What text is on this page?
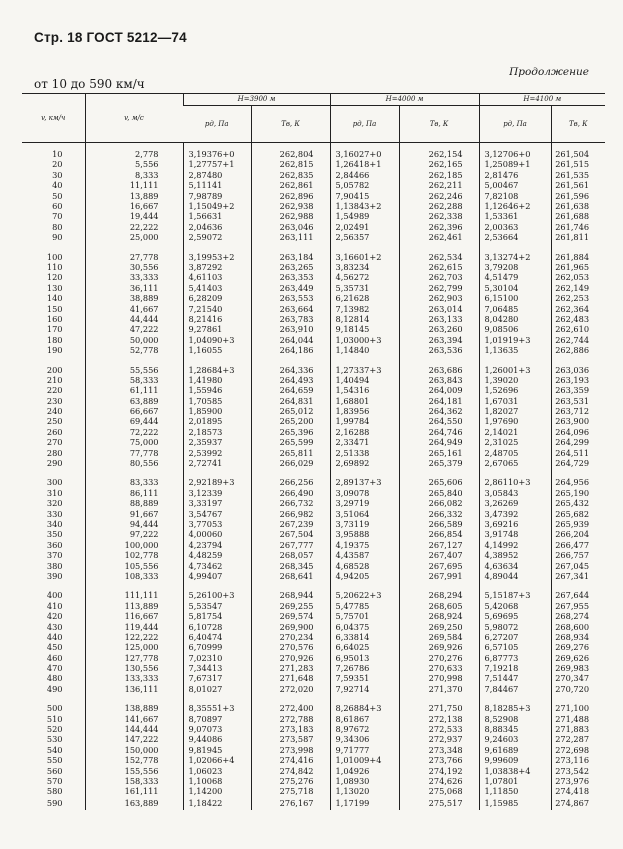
Стр. 18 ГОСТ 5212—74
Продолжение
от 10 до 590 км/ч
v, км/ч	v, м/с	H=3900 м		H=4000 м		H=4100 м	
		pд, Па	Tв, К	pд, Па	Tв, К	pд, Па	Tв, К
10	2,778	3,19376+0	262,804	3,16027+0	262,154	3,12706+0	261,504
20	5,556	1,27757+1	262,815	1,26418+1	262,165	1,25089+1	261,515
30	8,333	2,87480	262,835	2,84466	262,185	2,81476	261,535
40	11,111	5,11141	262,861	5,05782	262,211	5,00467	261,561
50	13,889	7,98789	262,896	7,90415	262,246	7,82108	261,596
60	16,667	1,15049+2	262,938	1,13843+2	262,288	1,12646+2	261,638
70	19,444	1,56631	262,988	1,54989	262,338	1,53361	261,688
80	22,222	2,04636	263,046	2,02491	262,396	2,00363	261,746
90	25,000	2,59072	263,111	2,56357	262,461	2,53664	261,811

100	27,778	3,19953+2	263,184	3,16601+2	262,534	3,13274+2	261,884
110	30,556	3,87292	263,265	3,83234	262,615	3,79208	261,965
120	33,333	4,61103	263,353	4,56272	262,703	4,51479	262,053
130	36,111	5,41403	263,449	5,35731	262,799	5,30104	262,149
140	38,889	6,28209	263,553	6,21628	262,903	6,15100	262,253
150	41,667	7,21540	263,664	7,13982	263,014	7,06485	262,364
160	44,444	8,21416	263,783	8,12814	263,133	8,04280	262,483
170	47,222	9,27861	263,910	9,18145	263,260	9,08506	262,610
180	50,000	1,04090+3	264,044	1,03000+3	263,394	1,01919+3	262,744
190	52,778	1,16055	264,186	1,14840	263,536	1,13635	262,886

200	55,556	1,28684+3	264,336	1,27337+3	263,686	1,26001+3	263,036
210	58,333	1,41980	264,493	1,40494	263,843	1,39020	263,193
220	61,111	1,55946	264,659	1,54316	264,009	1,52696	263,359
230	63,889	1,70585	264,831	1,68801	264,181	1,67031	263,531
240	66,667	1,85900	265,012	1,83956	264,362	1,82027	263,712
250	69,444	2,01895	265,200	1,99784	264,550	1,97690	263,900
260	72,222	2,18573	265,396	2,16288	264,746	2,14021	264,096
270	75,000	2,35937	265,599	2,33471	264,949	2,31025	264,299
280	77,778	2,53992	265,811	2,51338	265,161	2,48705	264,511
290	80,556	2,72741	266,029	2,69892	265,379	2,67065	264,729

300	83,333	2,92189+3	266,256	2,89137+3	265,606	2,86110+3	264,956
310	86,111	3,12339	266,490	3,09078	265,840	3,05843	265,190
320	88,889	3,33197	266,732	3,29719	266,082	3,26269	265,432
330	91,667	3,54767	266,982	3,51064	266,332	3,47392	265,682
340	94,444	3,77053	267,239	3,73119	266,589	3,69216	265,939
350	97,222	4,00060	267,504	3,95888	266,854	3,91748	266,204
360	100,000	4,23794	267,777	4,19375	267,127	4,14992	266,477
370	102,778	4,48259	268,057	4,43587	267,407	4,38952	266,757
380	105,556	4,73462	268,345	4,68528	267,695	4,63634	267,045
390	108,333	4,99407	268,641	4,94205	267,991	4,89044	267,341

400	111,111	5,26100+3	268,944	5,20622+3	268,294	5,15187+3	267,644
410	113,889	5,53547	269,255	5,47785	268,605	5,42068	267,955
420	116,667	5,81754	269,574	5,75701	268,924	5,69695	268,274
430	119,444	6,10728	269,900	6,04375	269,250	5,98072	268,600
440	122,222	6,40474	270,234	6,33814	269,584	6,27207	268,934
450	125,000	6,70999	270,576	6,64025	269,926	6,57105	269,276
460	127,778	7,02310	270,926	6,95013	270,276	6,87773	269,626
470	130,556	7,34413	271,283	7,26786	270,633	7,19218	269,983
480	133,333	7,67317	271,648	7,59351	270,998	7,51447	270,347
490	136,111	8,01027	272,020	7,92714	271,370	7,84467	270,720

500	138,889	8,35551+3	272,400	8,26884+3	271,750	8,18285+3	271,100
510	141,667	8,70897	272,788	8,61867	272,138	8,52908	271,488
520	144,444	9,07073	273,183	8,97672	272,533	8,88345	271,883
530	147,222	9,44086	273,587	9,34306	272,937	9,24603	272,287
540	150,000	9,81945	273,998	9,71777	273,348	9,61689	272,698
550	152,778	1,02066+4	274,416	1,01009+4	273,766	9,99609	273,116
560	155,556	1,06023	274,842	1,04926	274,192	1,03838+4	273,542
570	158,333	1,10068	275,276	1,08930	274,626	1,07801	273,976
580	161,111	1,14200	275,718	1,13020	275,068	1,11850	274,418
590	163,889	1,18422	276,167	1,17199	275,517	1,15985	274,867
